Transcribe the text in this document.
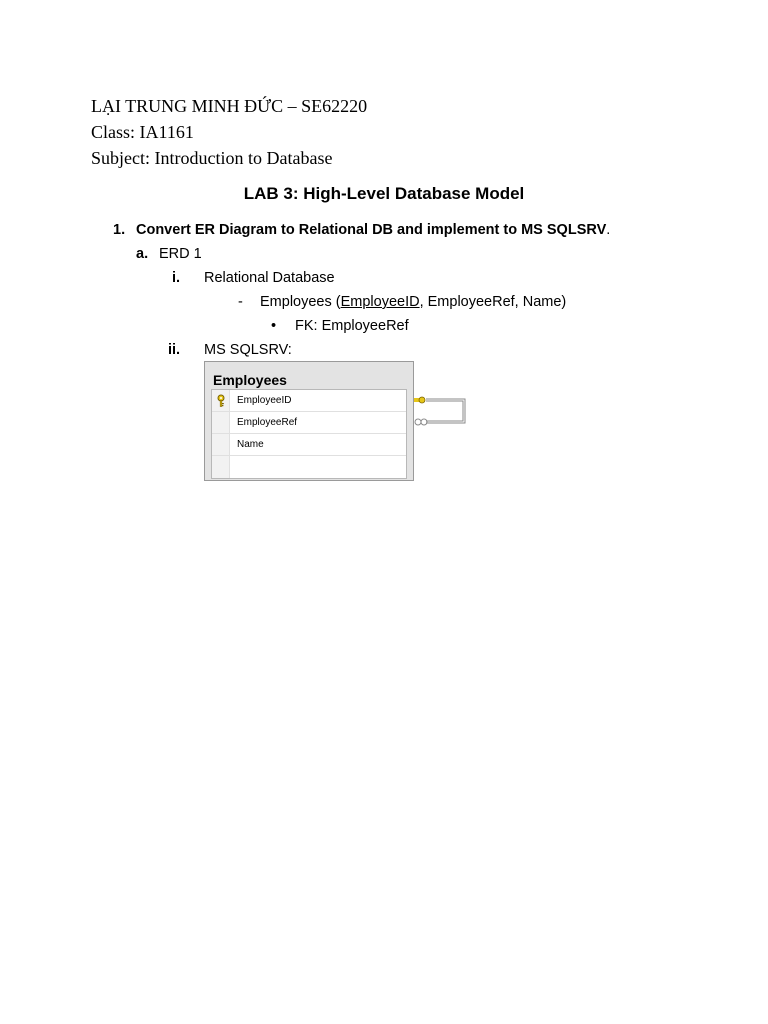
LẠI TRUNG MINH ĐỨC – SE62220
Class: IA1161
Subject: Introduction to Database
LAB 3: High-Level Database Model
1. Convert ER Diagram to Relational DB and implement to MS SQLSRV.
a. ERD 1
i. Relational Database
- Employees (EmployeeID, EmployeeRef, Name)
• FK: EmployeeRef
ii. MS SQLSRV:
Employees
EmployeeID
EmployeeRef
Name
